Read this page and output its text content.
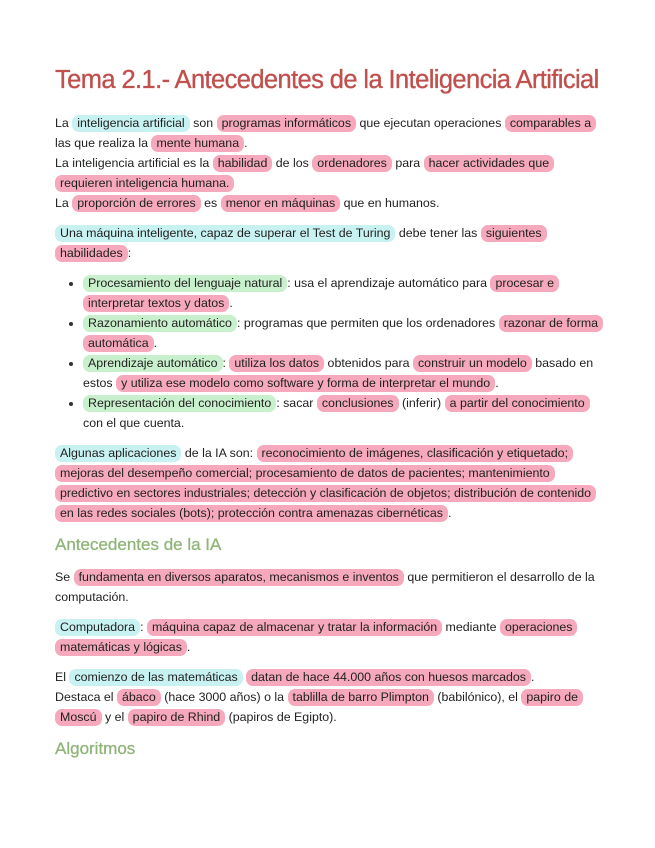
Tema 2.1.- Antecedentes de la Inteligencia Artificial

La inteligencia artificial son programas informáticos que ejecutan operaciones comparables a las que realiza la mente humana .
La inteligencia artificial es la habilidad de los ordenadores para hacer actividades que requieren inteligencia humana.
La proporción de errores es menor en máquinas que en humanos.

Una máquina inteligente, capaz de superar el Test de Turing debe tener las siguientes habilidades :

• Procesamiento del lenguaje natural : usa el aprendizaje automático para procesar e interpretar textos y datos .
• Razonamiento automático : programas que permiten que los ordenadores razonar de forma automática .
• Aprendizaje automático : utiliza los datos obtenidos para construir un modelo basado en estos y utiliza ese modelo como software y forma de interpretar el mundo .
• Representación del conocimiento : sacar conclusiones (inferir) a partir del conocimiento con el que cuenta.

Algunas aplicaciones de la IA son: reconocimiento de imágenes, clasificación y etiquetado; mejoras del desempeño comercial; procesamiento de datos de pacientes; mantenimiento predictivo en sectores industriales; detección y clasificación de objetos; distribución de contenido en las redes sociales (bots); protección contra amenazas cibernéticas .

Antecedentes de la IA

Se fundamenta en diversos aparatos, mecanismos e inventos que permitieron el desarrollo de la computación.

Computadora : máquina capaz de almacenar y tratar la información mediante operaciones matemáticas y lógicas .

El comienzo de las matemáticas datan de hace 44.000 años con huesos marcados .
Destaca el ábaco (hace 3000 años) o la tablilla de barro Plimpton (babilónico), el papiro de Moscú y el papiro de Rhind (papiros de Egipto).

Algoritmos
